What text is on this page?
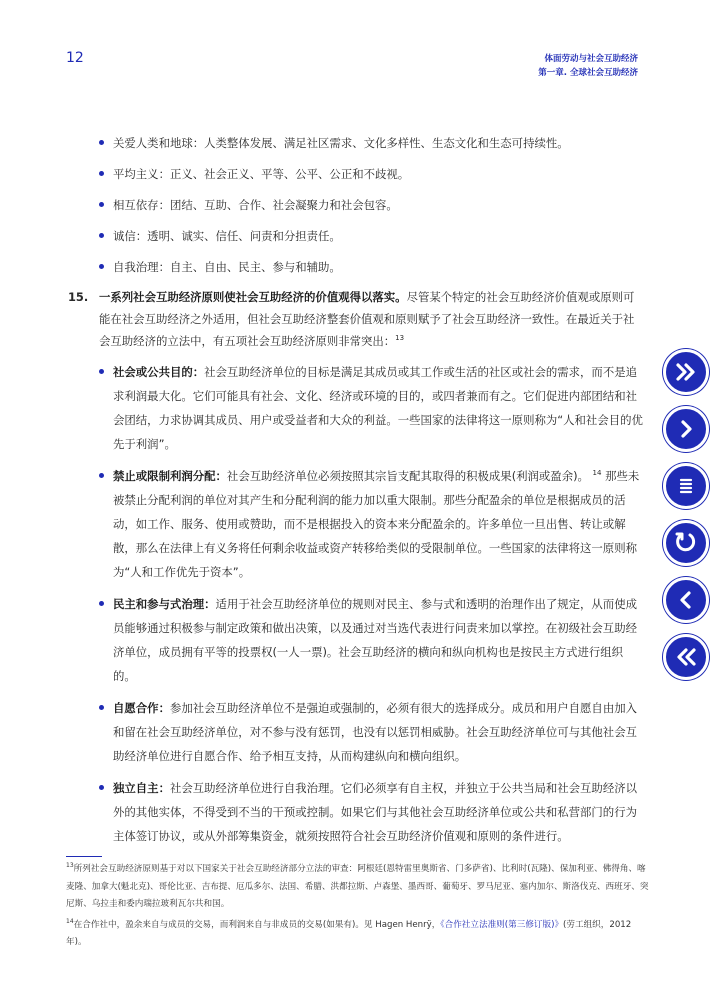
12	体面劳动与社会互助经济
第一章. 全球社会互助经济
关爱人类和地球：人类整体发展、满足社区需求、文化多样性、生态文化和生态可持续性。
平均主义：正义、社会正义、平等、公平、公正和不歧视。
相互依存：团结、互助、合作、社会凝聚力和社会包容。
诚信：透明、诚实、信任、问责和分担责任。
自我治理：自主、自由、民主、参与和辅助。
15. 一系列社会互助经济原则使社会互助经济的价值观得以落实。尽管某个特定的社会互助经济价值观或原则可能在社会互助经济之外适用，但社会互助经济整套价值观和原则赋予了社会互助经济一致性。在最近关于社会互助经济的立法中，有五项社会互助经济原则非常突出：$^{13}$
社会或公共目的：社会互助经济单位的目标是满足其成员或其工作或生活的社区或社会的需求，而不是追求利润最大化。它们可能具有社会、文化、经济或环境的目的，或四者兼而有之。它们促进内部团结和社会团结，力求协调其成员、用户或受益者和大众的利益。一些国家的法律将这一原则称为“人和社会目的优先于利润”。
禁止或限制利润分配：社会互助经济单位必须按照其宗旨支配其取得的积极成果(利润或盈余)。 $^{14}$ 那些未被禁止分配利润的单位对其产生和分配利润的能力加以重大限制。那些分配盈余的单位是根据成员的活动，如工作、服务、使用或赞助，而不是根据投入的资本来分配盈余的。许多单位一旦出售、转让或解散，那么在法律上有义务将任何剩余收益或资产转移给类似的受限制单位。一些国家的法律将这一原则称为“人和工作优先于资本”。
民主和参与式治理：适用于社会互助经济单位的规则对民主、参与式和透明的治理作出了规定，从而使成员能够通过积极参与制定政策和做出决策，以及通过对当选代表进行问责来加以掌控。在初级社会互助经济单位，成员拥有平等的投票权(一人一票)。社会互助经济的横向和纵向机构也是按民主方式进行组织的。
自愿合作：参加社会互助经济单位不是强迫或强制的，必须有很大的选择成分。成员和用户自愿自由加入和留在社会互助经济单位，对不参与没有惩罚，也没有以惩罚相威胁。社会互助经济单位可与其他社会互助经济单位进行自愿合作、给予相互支持，从而构建纵向和横向组织。
独立自主：社会互助经济单位进行自我治理。它们必须享有自主权，并独立于公共当局和社会互助经济以外的其他实体，不得受到不当的干预或控制。如果它们与其他社会互助经济单位或公共和私营部门的行为主体签订协议，或从外部筹集资金，就须按照符合社会互助经济价值观和原则的条件进行。
$^{13}$所列社会互助经济原则基于对以下国家关于社会互助经济部分立法的审查：阿根廷(恩特雷里奥斯省、门多萨省)、比利时(瓦隆)、保加利亚、佛得角、喀麦隆、加拿大(魁北克)、哥伦比亚、吉布提、厄瓜多尔、法国、希腊、洪都拉斯、卢森堡、墨西哥、葡萄牙、罗马尼亚、塞内加尔、斯洛伐克、西班牙、突尼斯、乌拉圭和委内瑞拉玻利瓦尔共和国。
$^{14}$在合作社中，盈余来自与成员的交易，而利润来自与非成员的交易(如果有)。见 Hagen Henrÿ，《合作社立法准则(第三修订版)》(劳工组织，2012 年)。
